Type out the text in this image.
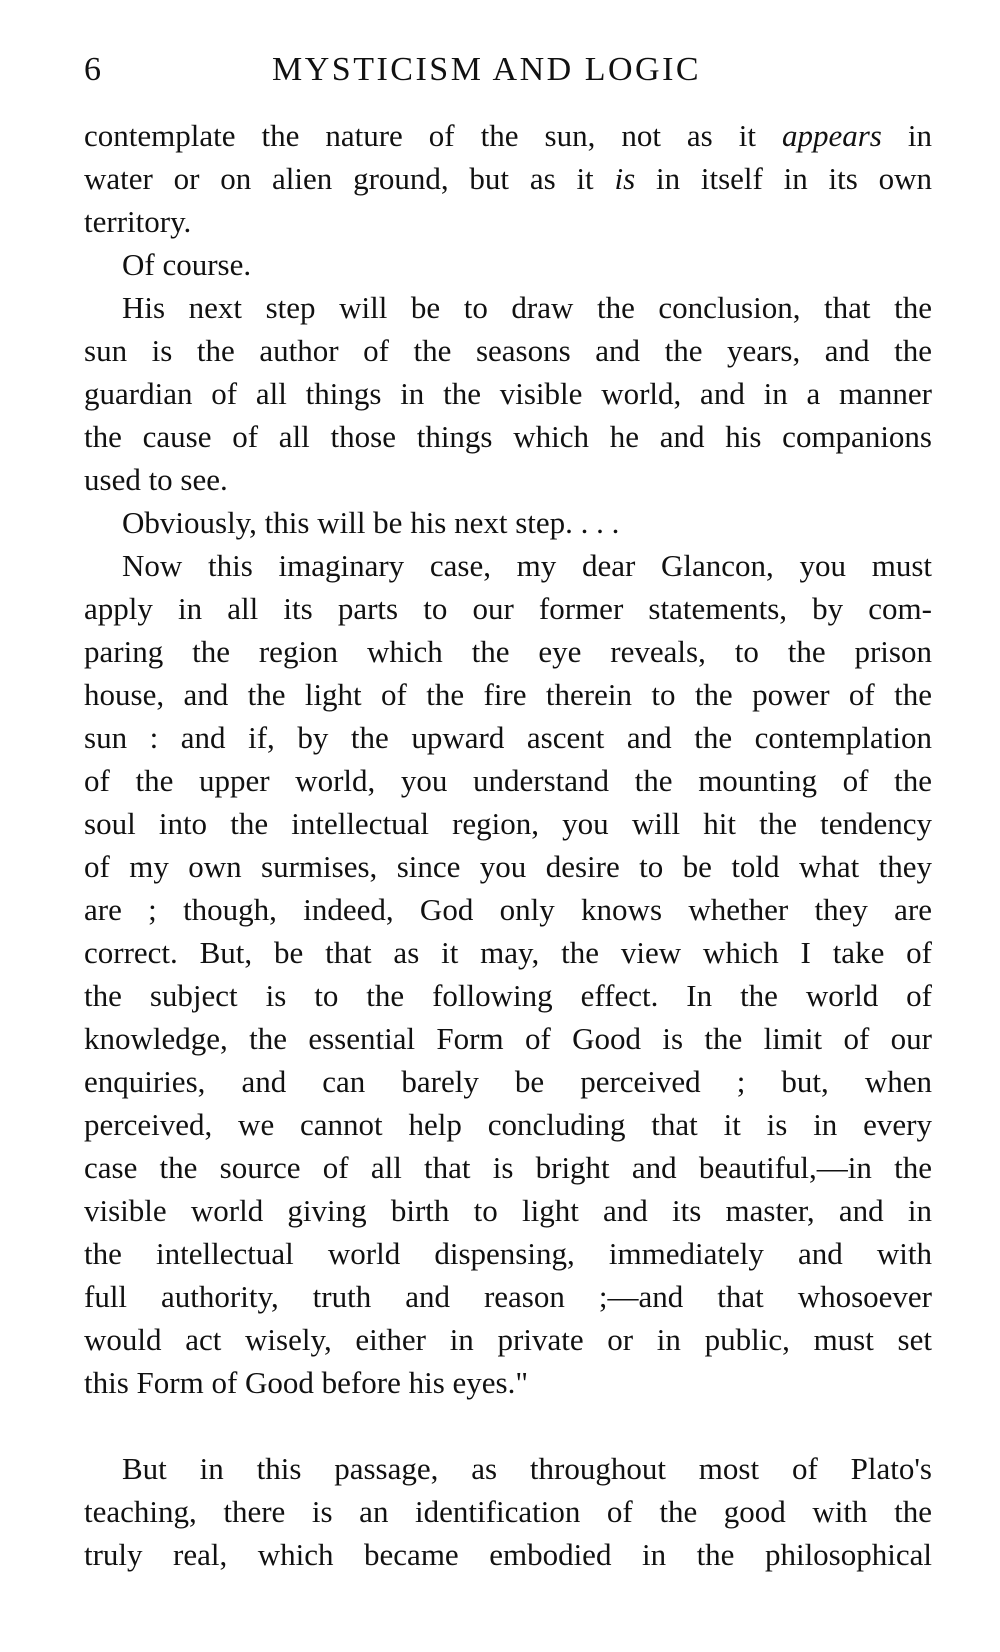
6	MYSTICISM AND LOGIC
contemplate the nature of the sun, not as it appears in
water or on alien ground, but as it is in itself in its own
territory.
Of course.
His next step will be to draw the conclusion, that the
sun is the author of the seasons and the years, and the
guardian of all things in the visible world, and in a manner
the cause of all those things which he and his companions
used to see.
Obviously, this will be his next step. . . .
Now this imaginary case, my dear Glancon, you must
apply in all its parts to our former statements, by com-
paring the region which the eye reveals, to the prison
house, and the light of the fire therein to the power of the
sun : and if, by the upward ascent and the contemplation
of the upper world, you understand the mounting of the
soul into the intellectual region, you will hit the tendency
of my own surmises, since you desire to be told what they
are ; though, indeed, God only knows whether they are
correct. But, be that as it may, the view which I take of
the subject is to the following effect. In the world of
knowledge, the essential Form of Good is the limit of our
enquiries, and can barely be perceived ; but, when
perceived, we cannot help concluding that it is in every
case the source of all that is bright and beautiful,—in the
visible world giving birth to light and its master, and in
the intellectual world dispensing, immediately and with
full authority, truth and reason ;—and that whosoever
would act wisely, either in private or in public, must set
this Form of Good before his eyes."
But in this passage, as throughout most of Plato's
teaching, there is an identification of the good with the
truly real, which became embodied in the philosophical
